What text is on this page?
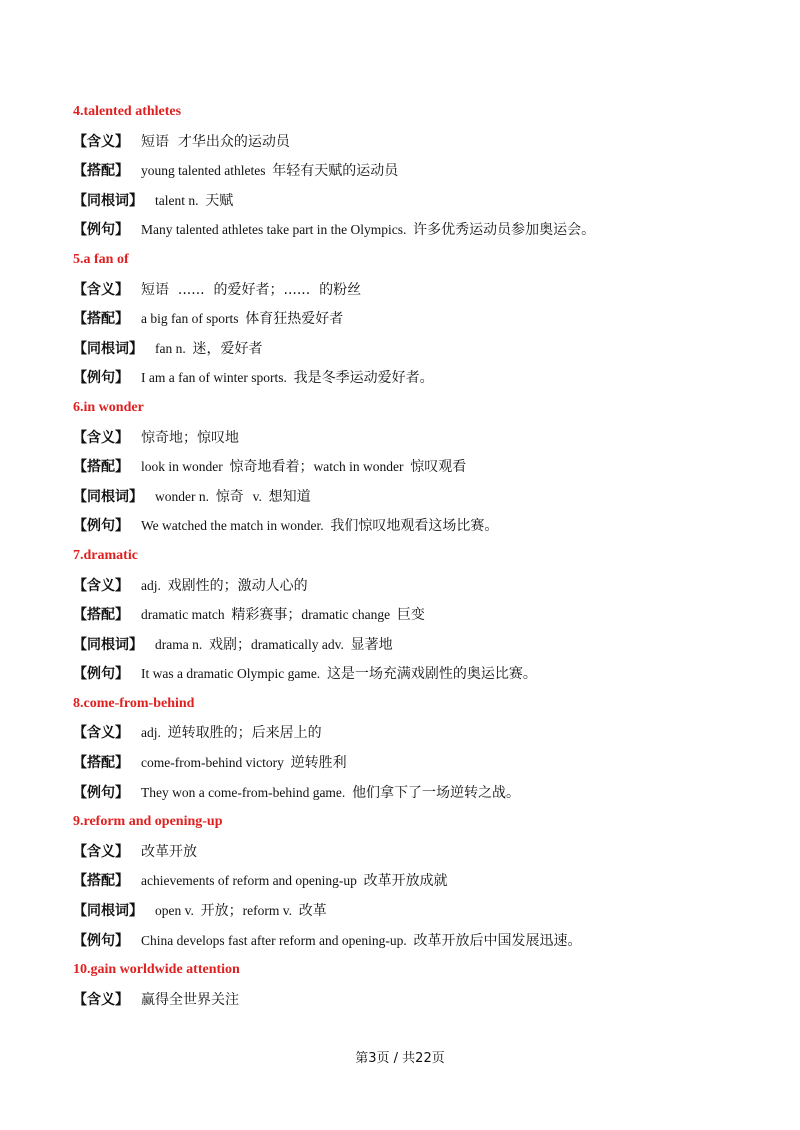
4.talented athletes
【含义】 短语  才华出众的运动员
【搭配】 young talented athletes  年轻有天赋的运动员
【同根词】 talent n.  天赋
【例句】 Many talented athletes take part in the Olympics.  许多优秀运动员参加奥运会。
5.a fan of
【含义】 短语  ......  的爱好者；......  的粉丝
【搭配】 a big fan of sports  体育狂热爱好者
【同根词】 fan n.  迷，爱好者
【例句】 I am a fan of winter sports.  我是冬季运动爱好者。
6.in wonder
【含义】 惊奇地；惊叹地
【搭配】 look in wonder  惊奇地看着；watch in wonder  惊叹观看
【同根词】 wonder n.  惊奇  v.  想知道
【例句】 We watched the match in wonder.  我们惊叹地观看这场比赛。
7.dramatic
【含义】 adj.  戏剧性的；激动人心的
【搭配】 dramatic match  精彩赛事；dramatic change  巨变
【同根词】 drama n.  戏剧；dramatically adv.  显著地
【例句】 It was a dramatic Olympic game.  这是一场充满戏剧性的奥运比赛。
8.come-from-behind
【含义】 adj.  逆转取胜的；后来居上的
【搭配】 come-from-behind victory  逆转胜利
【例句】 They won a come-from-behind game.  他们拿下了一场逆转之战。
9.reform and opening-up
【含义】 改革开放
【搭配】 achievements of reform and opening-up  改革开放成就
【同根词】 open v.  开放；reform v.  改革
【例句】 China develops fast after reform and opening-up.  改革开放后中国发展迅速。
10.gain worldwide attention
【含义】 赢得全世界关注
第3页 / 共22页
